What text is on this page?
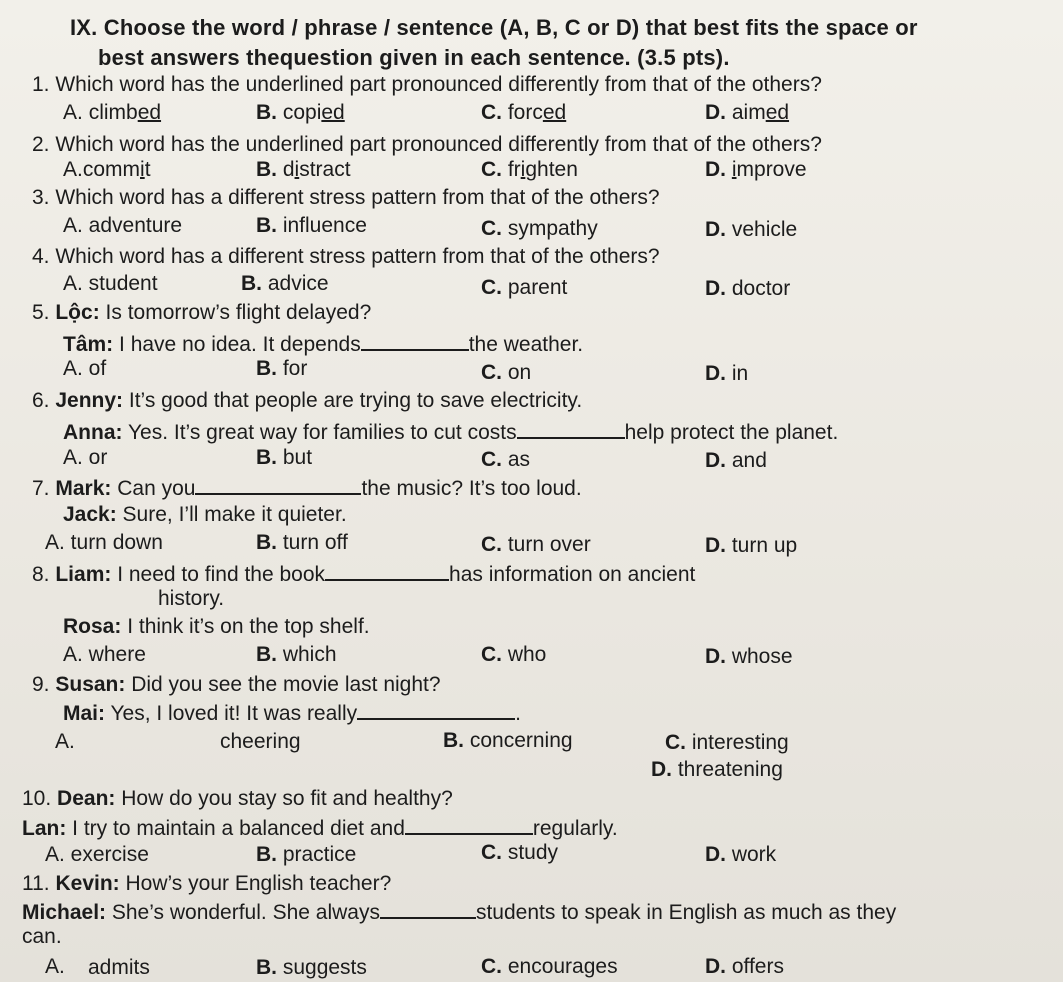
IX. Choose the word / phrase / sentence (A, B, C or D) that best fits the space or
best answers thequestion given in each sentence. (3.5 pts).
1. Which word has the underlined part pronounced differently from that of the others?
A. climbed	B. copied	C. forced	D. aimed
2. Which word has the underlined part pronounced differently from that of the others?
A.commit	B. distract	C. frighten	D. improve
3. Which word has a different stress pattern from that of the others?
A. adventure	B. influence	C. sympathy	D. vehicle
4. Which word has a different stress pattern from that of the others?
A. student	B. advice	C. parent	D. doctor
5. Lộc: Is tomorrow’s flight delayed?
Tâm: I have no idea. It depends	the weather.
A. of	B. for	C. on	D. in
6. Jenny: It’s good that people are trying to save electricity.
Anna: Yes. It’s great way for families to cut costs	help protect the planet.
A. or	B. but	C. as	D. and
7. Mark: Can you	the music? It’s too loud.
Jack: Sure, I’ll make it quieter.
A. turn down	B. turn off	C. turn over	D. turn up
8. Liam: I need to find the book	has information on ancient
history.
Rosa: I think it’s on the top shelf.
A. where	B. which	C. who	D. whose
9. Susan: Did you see the movie last night?
Mai: Yes, I loved it! It was really	.
A.	cheering	B. concerning	C. interesting
D. threatening
10. Dean: How do you stay so fit and healthy?
Lan: I try to maintain a balanced diet and	regularly.
A. exercise	B. practice	C. study	D. work
11. Kevin: How’s your English teacher?
Michael: She’s wonderful. She always	students to speak in English as much as they
can.
A. admits	B. suggests	C. encourages	D. offers
